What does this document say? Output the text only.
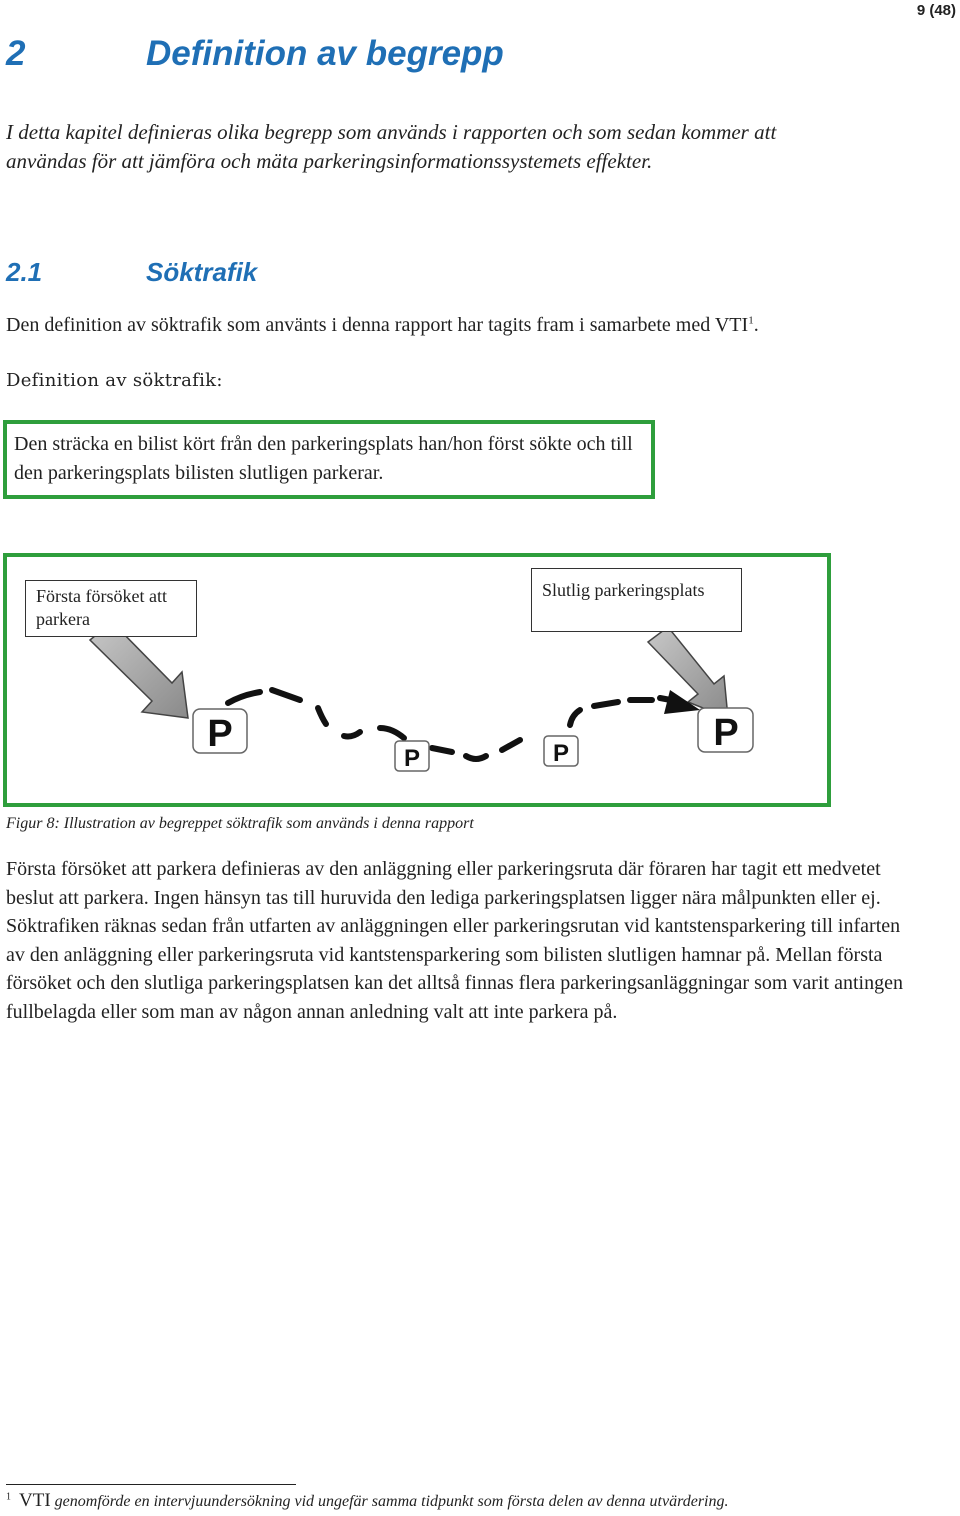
9 (48)
2	Definition av begrepp
I detta kapitel definieras olika begrepp som används i rapporten och som sedan kommer att användas för att jämföra och mäta parkeringsinformationssystemets effekter.
2.1	Söktrafik
Den definition av söktrafik som använts i denna rapport har tagits fram i samarbete med VTI$^1$.
Definition av söktrafik:
Den sträcka en bilist kört från den parkeringsplats han/hon först sökte och till den parkeringsplats bilisten slutligen parkerar.
P
P	P	P
Första försöket att parkera
Slutlig parkeringsplats
Figur 8: Illustration av begreppet söktrafik som används i denna rapport
Första försöket att parkera definieras av den anläggning eller parkeringsruta där föraren har tagit ett medvetet beslut att parkera. Ingen hänsyn tas till huruvida den lediga parkeringsplatsen ligger nära målpunkten eller ej. Söktrafiken räknas sedan från utfarten av anläggningen eller parkeringsrutan vid kantstensparkering till infarten av den anläggning eller parkeringsruta vid kantstensparkering som bilisten slutligen hamnar på. Mellan första försöket och den slutliga parkeringsplatsen kan det alltså finnas flera parkeringsanläggningar som varit antingen fullbelagda eller som man av någon annan anledning valt att inte parkera på.
$^1$ VTI genomförde en intervjuundersökning vid ungefär samma tidpunkt som första delen av denna utvärdering.
